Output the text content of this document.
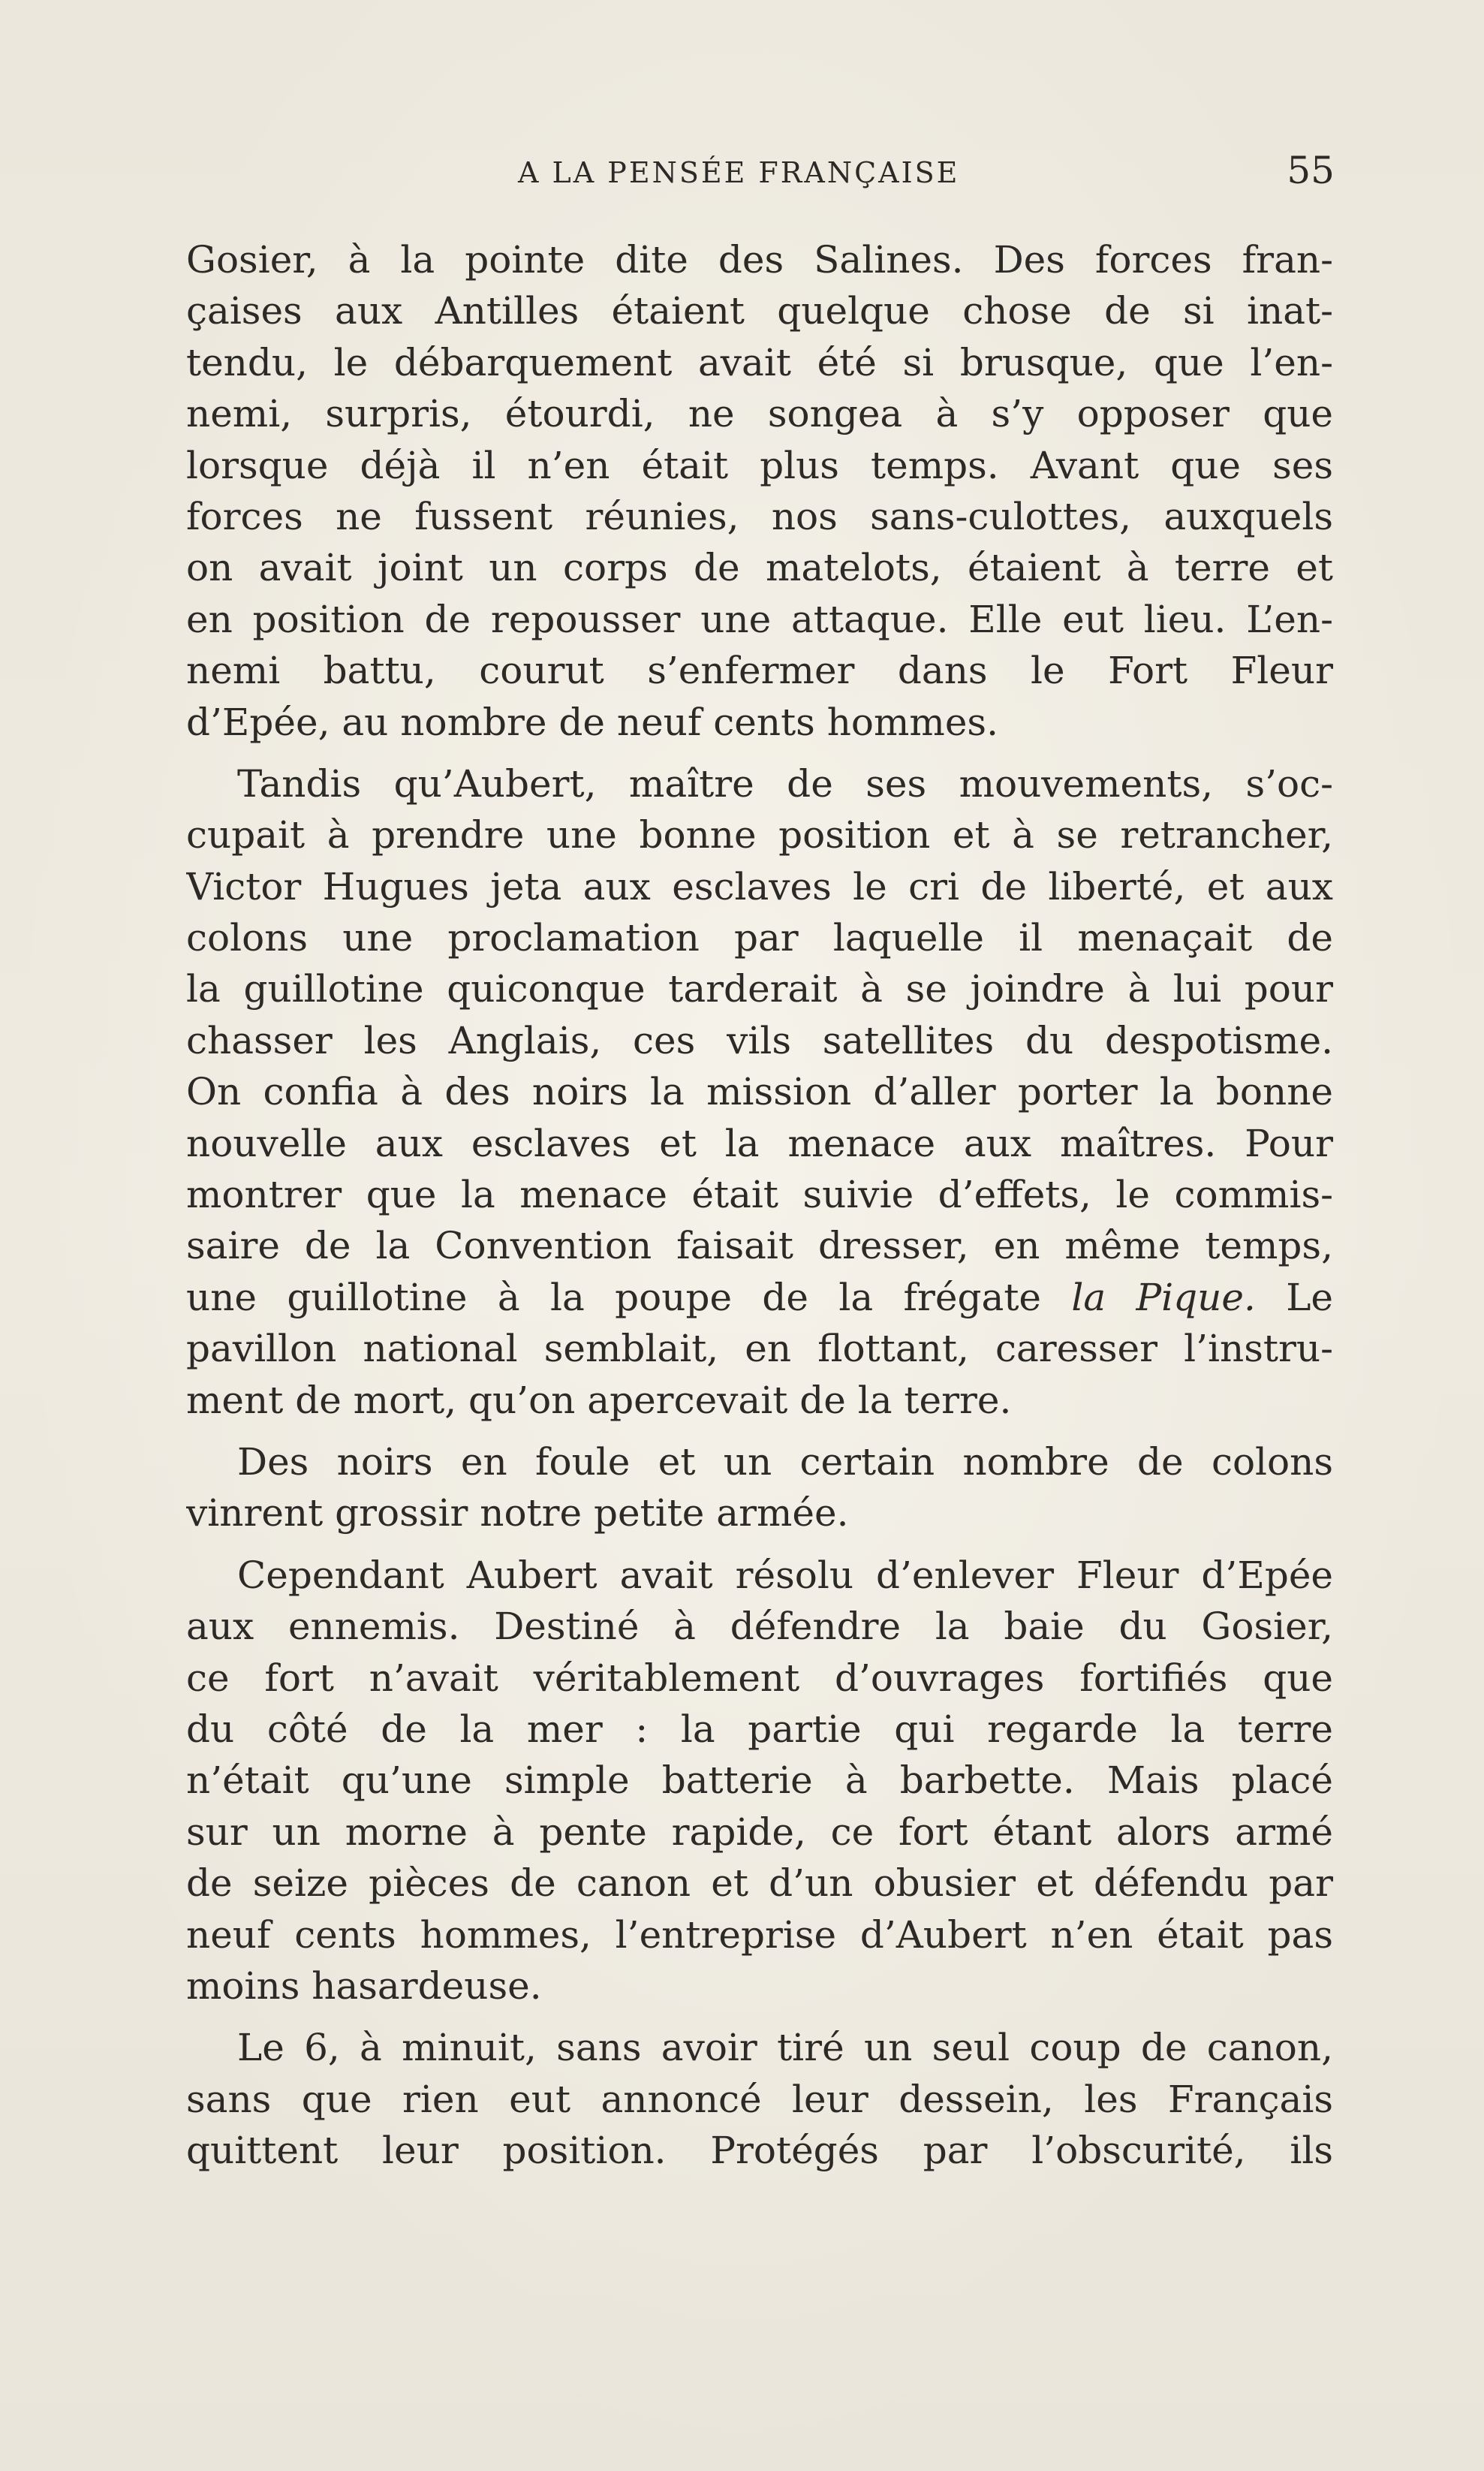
A LA PENSÉE FRANÇAISE	55
Gosier, à la pointe dite des Salines. Des forces fran-
çaises aux Antilles étaient quelque chose de si inat-
tendu, le débarquement avait été si brusque, que l’en-
nemi, surpris, étourdi, ne songea à s’y opposer que
lorsque déjà il n’en était plus temps. Avant que ses
forces ne fussent réunies, nos sans-culottes, auxquels
on avait joint un corps de matelots, étaient à terre et
en position de repousser une attaque. Elle eut lieu. L’en-
nemi battu, courut s’enfermer dans le Fort Fleur
d’Epée, au nombre de neuf cents hommes.
Tandis qu’Aubert, maître de ses mouvements, s’oc-
cupait à prendre une bonne position et à se retrancher,
Victor Hugues jeta aux esclaves le cri de liberté, et aux
colons une proclamation par laquelle il menaçait de
la guillotine quiconque tarderait à se joindre à lui pour
chasser les Anglais, ces vils satellites du despotisme.
On confia à des noirs la mission d’aller porter la bonne
nouvelle aux esclaves et la menace aux maîtres. Pour
montrer que la menace était suivie d’effets, le commis-
saire de la Convention faisait dresser, en même temps,
une guillotine à la poupe de la frégate la Pique. Le
pavillon national semblait, en flottant, caresser l’instru-
ment de mort, qu’on apercevait de la terre.
Des noirs en foule et un certain nombre de colons
vinrent grossir notre petite armée.
Cependant Aubert avait résolu d’enlever Fleur d’Epée
aux ennemis. Destiné à défendre la baie du Gosier,
ce fort n’avait véritablement d’ouvrages fortifiés que
du côté de la mer : la partie qui regarde la terre
n’était qu’une simple batterie à barbette. Mais placé
sur un morne à pente rapide, ce fort étant alors armé
de seize pièces de canon et d’un obusier et défendu par
neuf cents hommes, l’entreprise d’Aubert n’en était pas
moins hasardeuse.
Le 6, à minuit, sans avoir tiré un seul coup de canon,
sans que rien eut annoncé leur dessein, les Français
quittent leur position. Protégés par l’obscurité, ils
